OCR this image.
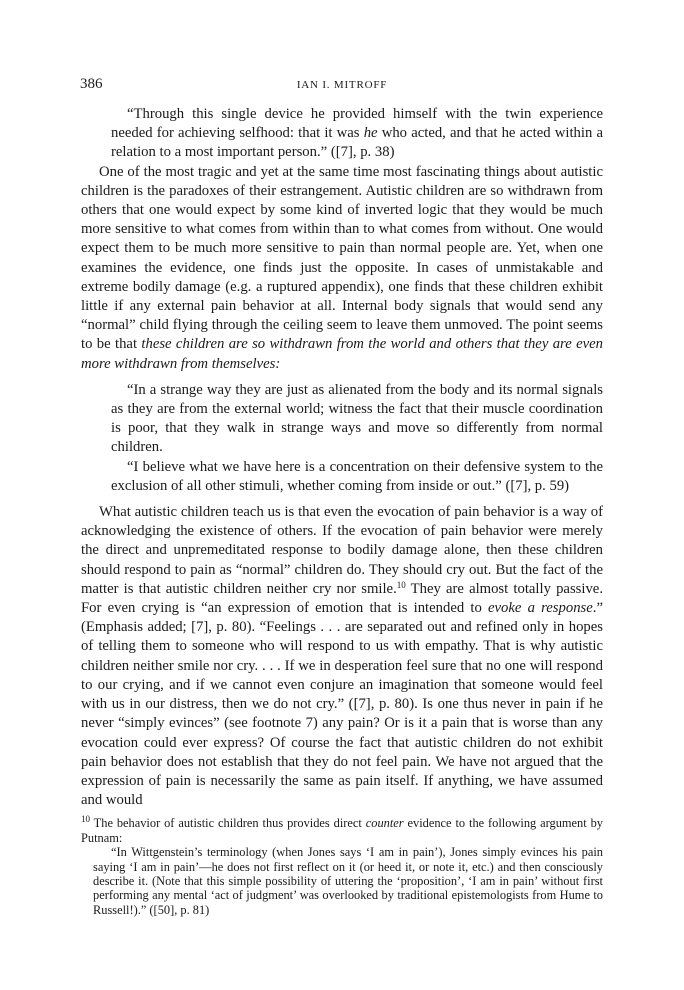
386	IAN I. MITROFF

“Through this single device he provided himself with the twin experience needed for achieving selfhood: that it was he who acted, and that he acted within a relation to a most important person.” ([7], p. 38)

One of the most tragic and yet at the same time most fascinating things about autistic children is the paradoxes of their estrangement. Autistic children are so withdrawn from others that one would expect by some kind of inverted logic that they would be much more sensitive to what comes from within than to what comes from without. One would expect them to be much more sensitive to pain than normal people are. Yet, when one examines the evidence, one finds just the opposite. In cases of unmistakable and extreme bodily damage (e.g. a ruptured appendix), one finds that these children exhibit little if any external pain behavior at all. Internal body signals that would send any “normal” child flying through the ceiling seem to leave them unmoved. The point seems to be that these children are so withdrawn from the world and others that they are even more withdrawn from themselves:

“In a strange way they are just as alienated from the body and its normal signals as they are from the external world; witness the fact that their muscle coordination is poor, that they walk in strange ways and move so differently from normal children.

“I believe what we have here is a concentration on their defensive system to the exclusion of all other stimuli, whether coming from inside or out.” ([7], p. 59)

What autistic children teach us is that even the evocation of pain behavior is a way of acknowledging the existence of others. If the evocation of pain behavior were merely the direct and unpremeditated response to bodily damage alone, then these children should respond to pain as “normal” children do. They should cry out. But the fact of the matter is that autistic children neither cry nor smile.$^{10}$ They are almost totally passive. For even crying is “an expression of emotion that is intended to evoke a response.” (Emphasis added; [7], p. 80). “Feelings . . . are separated out and refined only in hopes of telling them to someone who will respond to us with empathy. That is why autistic children neither smile nor cry. . . . If we in desperation feel sure that no one will respond to our crying, and if we cannot even conjure an imagination that someone would feel with us in our distress, then we do not cry.” ([7], p. 80). Is one thus never in pain if he never “simply evinces” (see footnote 7) any pain? Or is it a pain that is worse than any evocation could ever express? Of course the fact that autistic children do not exhibit pain behavior does not establish that they do not feel pain. We have not argued that the expression of pain is necessarily the same as pain itself. If anything, we have assumed and would

$^{10}$ The behavior of autistic children thus provides direct counter evidence to the following argument by Putnam:

“In Wittgenstein’s terminology (when Jones says ‘I am in pain’), Jones simply evinces his pain saying ‘I am in pain’—he does not first reflect on it (or heed it, or note it, etc.) and then consciously describe it. (Note that this simple possibility of uttering the ‘proposition’, ‘I am in pain’ without first performing any mental ‘act of judgment’ was overlooked by traditional epistemologists from Hume to Russell!).” ([50], p. 81)
